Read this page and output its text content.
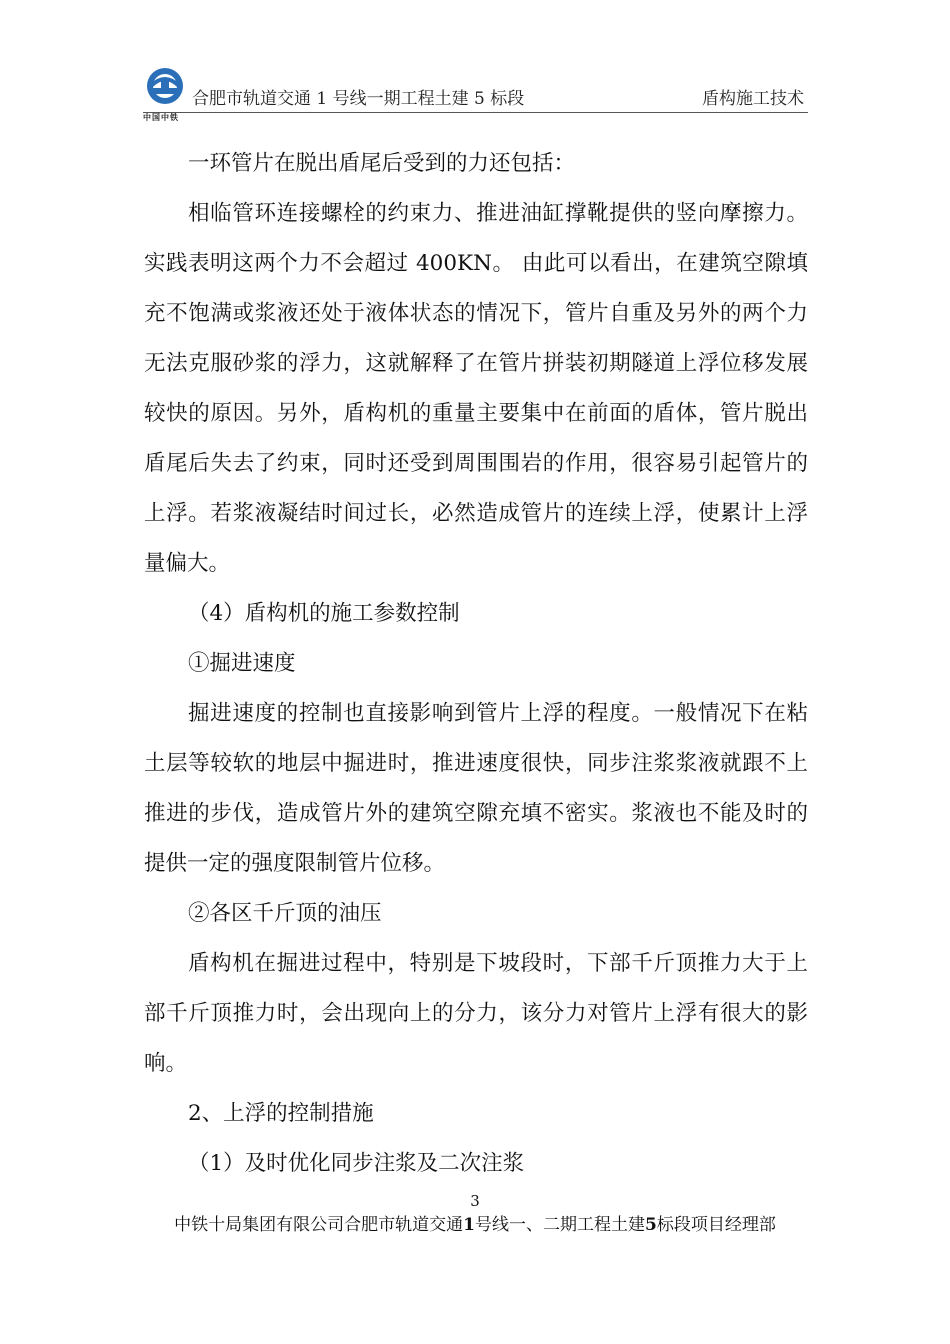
中国中铁
合肥市轨道交通 1 号线一期工程土建 5 标段	盾构施工技术

一环管片在脱出盾尾后受到的力还包括：

相临管环连接螺栓的约束力、推进油缸撑靴提供的竖向摩擦力。实践表明这两个力不会超过 400KN。 由此可以看出，在建筑空隙填充不饱满或浆液还处于液体状态的情况下，管片自重及另外的两个力无法克服砂浆的浮力，这就解释了在管片拼装初期隧道上浮位移发展较快的原因。另外，盾构机的重量主要集中在前面的盾体，管片脱出盾尾后失去了约束，同时还受到周围围岩的作用，很容易引起管片的上浮。若浆液凝结时间过长，必然造成管片的连续上浮，使累计上浮量偏大。

（4）盾构机的施工参数控制

①掘进速度

掘进速度的控制也直接影响到管片上浮的程度。一般情况下在粘土层等较软的地层中掘进时，推进速度很快，同步注浆浆液就跟不上推进的步伐，造成管片外的建筑空隙充填不密实。浆液也不能及时的提供一定的强度限制管片位移。

②各区千斤顶的油压

盾构机在掘进过程中，特别是下坡段时，下部千斤顶推力大于上部千斤顶推力时，会出现向上的分力，该分力对管片上浮有很大的影响。

2、上浮的控制措施

（1）及时优化同步注浆及二次注浆

3
中铁十局集团有限公司合肥市轨道交通1号线一、二期工程土建5标段项目经理部
